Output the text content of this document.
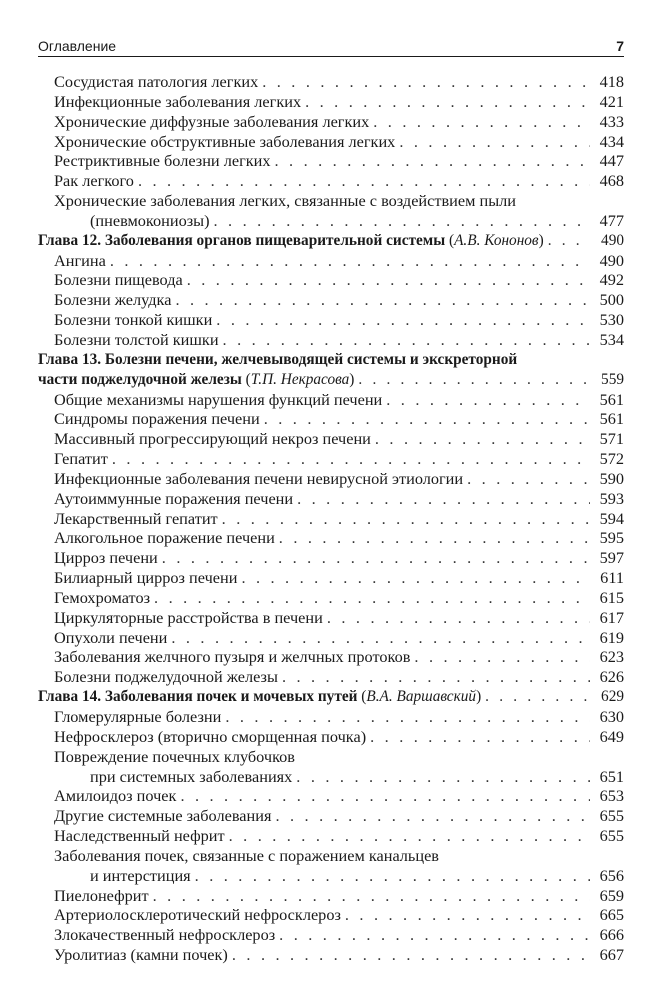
Оглавление	7
Сосудистая патология легких . . .	418
Инфекционные заболевания легких . . .	421
Хронические диффузные заболевания легких . . .	433
Хронические обструктивные заболевания легких . . .	434
Рестриктивные болезни легких . . .	447
Рак легкого . . .	468
Хронические заболевания легких, связанные с воздействием пыли
(пневмокониозы) . . .	477
Глава 12. Заболевания органов пищеварительной системы (А.В. Кононов) . . .	490
Ангина . . .	490
Болезни пищевода . . .	492
Болезни желудка . . .	500
Болезни тонкой кишки . . .	530
Болезни толстой кишки . . .	534
Глава 13. Болезни печени, желчевыводящей системы и экскреторной
части поджелудочной железы (Т.П. Некрасова) . . .	559
Общие механизмы нарушения функций печени . . .	561
Синдромы поражения печени . . .	561
Массивный прогрессирующий некроз печени . . .	571
Гепатит . . .	572
Инфекционные заболевания печени невирусной этиологии . . .	590
Аутоиммунные поражения печени . . .	593
Лекарственный гепатит . . .	594
Алкогольное поражение печени . . .	595
Цирроз печени . . .	597
Билиарный цирроз печени . . .	611
Гемохроматоз . . .	615
Циркуляторные расстройства в печени . . .	617
Опухоли печени . . .	619
Заболевания желчного пузыря и желчных протоков . . .	623
Болезни поджелудочной железы . . .	626
Глава 14. Заболевания почек и мочевых путей (В.А. Варшавский) . . .	629
Гломерулярные болезни . . .	630
Нефросклероз (вторично сморщенная почка) . . .	649
Повреждение почечных клубочков
при системных заболеваниях . . .	651
Амилоидоз почек . . .	653
Другие системные заболевания . . .	655
Наследственный нефрит . . .	655
Заболевания почек, связанные с поражением канальцев
и интерстиция . . .	656
Пиелонефрит . . .	659
Артериолосклеротический нефросклероз . . .	665
Злокачественный нефросклероз . . .	666
Уролитиаз (камни почек) . . .	667
